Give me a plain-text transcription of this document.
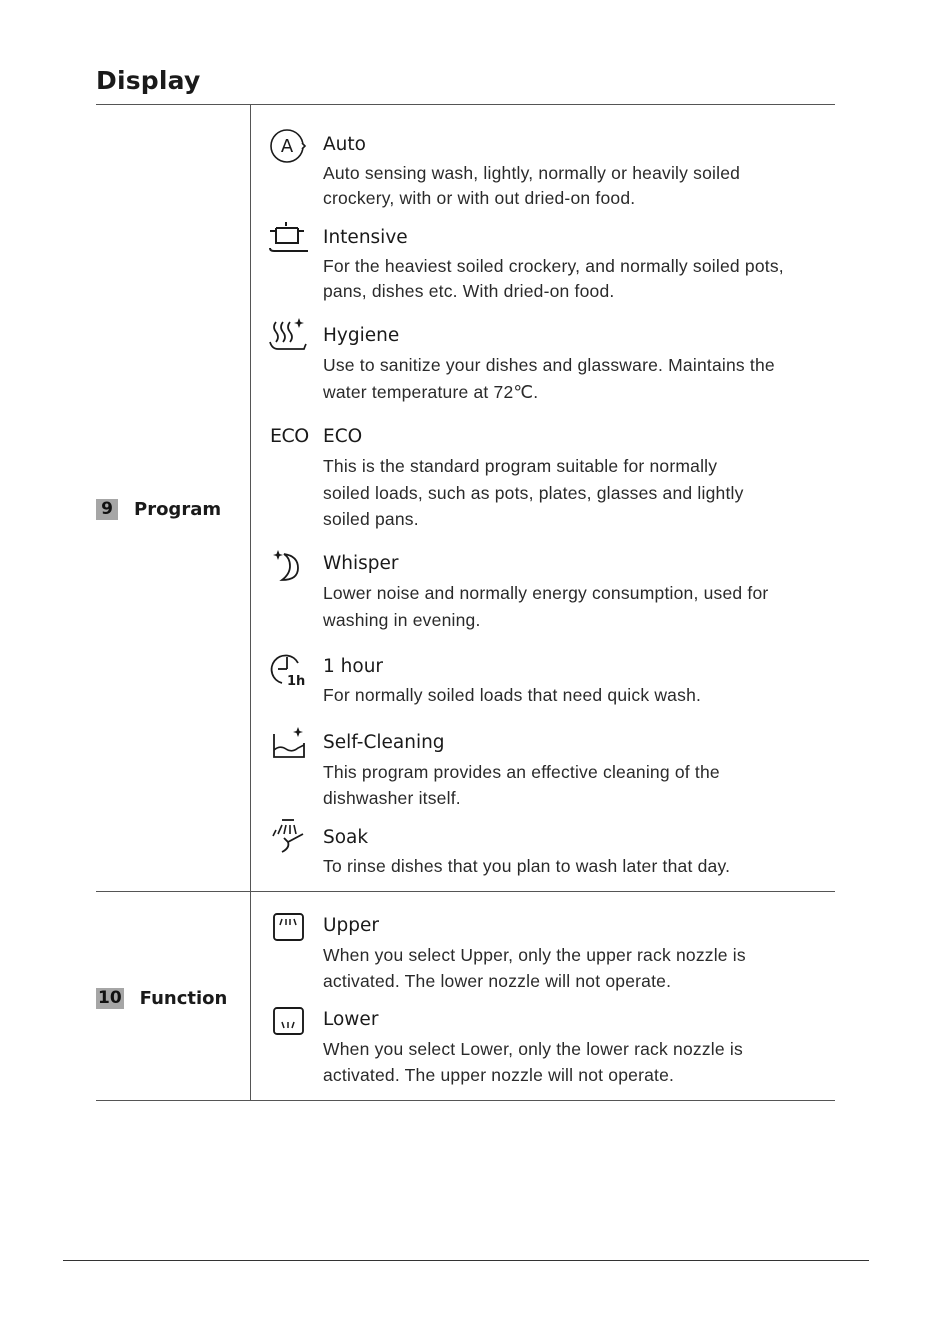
Display
9 Program
10 Function
A Auto
Auto sensing wash, lightly, normally or heavily soiled
crockery, with or with out dried-on food.
Intensive
For the heaviest soiled crockery, and normally soiled pots,
pans, dishes etc. With dried-on food.
Hygiene
Use to sanitize your dishes and glassware. Maintains the
water temperature at 72℃.
ECO ECO
This is the standard program suitable for normally
soiled loads, such as pots, plates, glasses and lightly
soiled pans.
Whisper
Lower noise and normally energy consumption, used for
washing in evening.
1h
1 hour
For normally soiled loads that need quick wash.
Self-Cleaning
This program provides an effective cleaning of the
dishwasher itself.
Soak
To rinse dishes that you plan to wash later that day.
Upper
When you select Upper, only the upper rack nozzle is
activated. The lower nozzle will not operate.
Lower
When you select Lower, only the lower rack nozzle is
activated. The upper nozzle will not operate.
